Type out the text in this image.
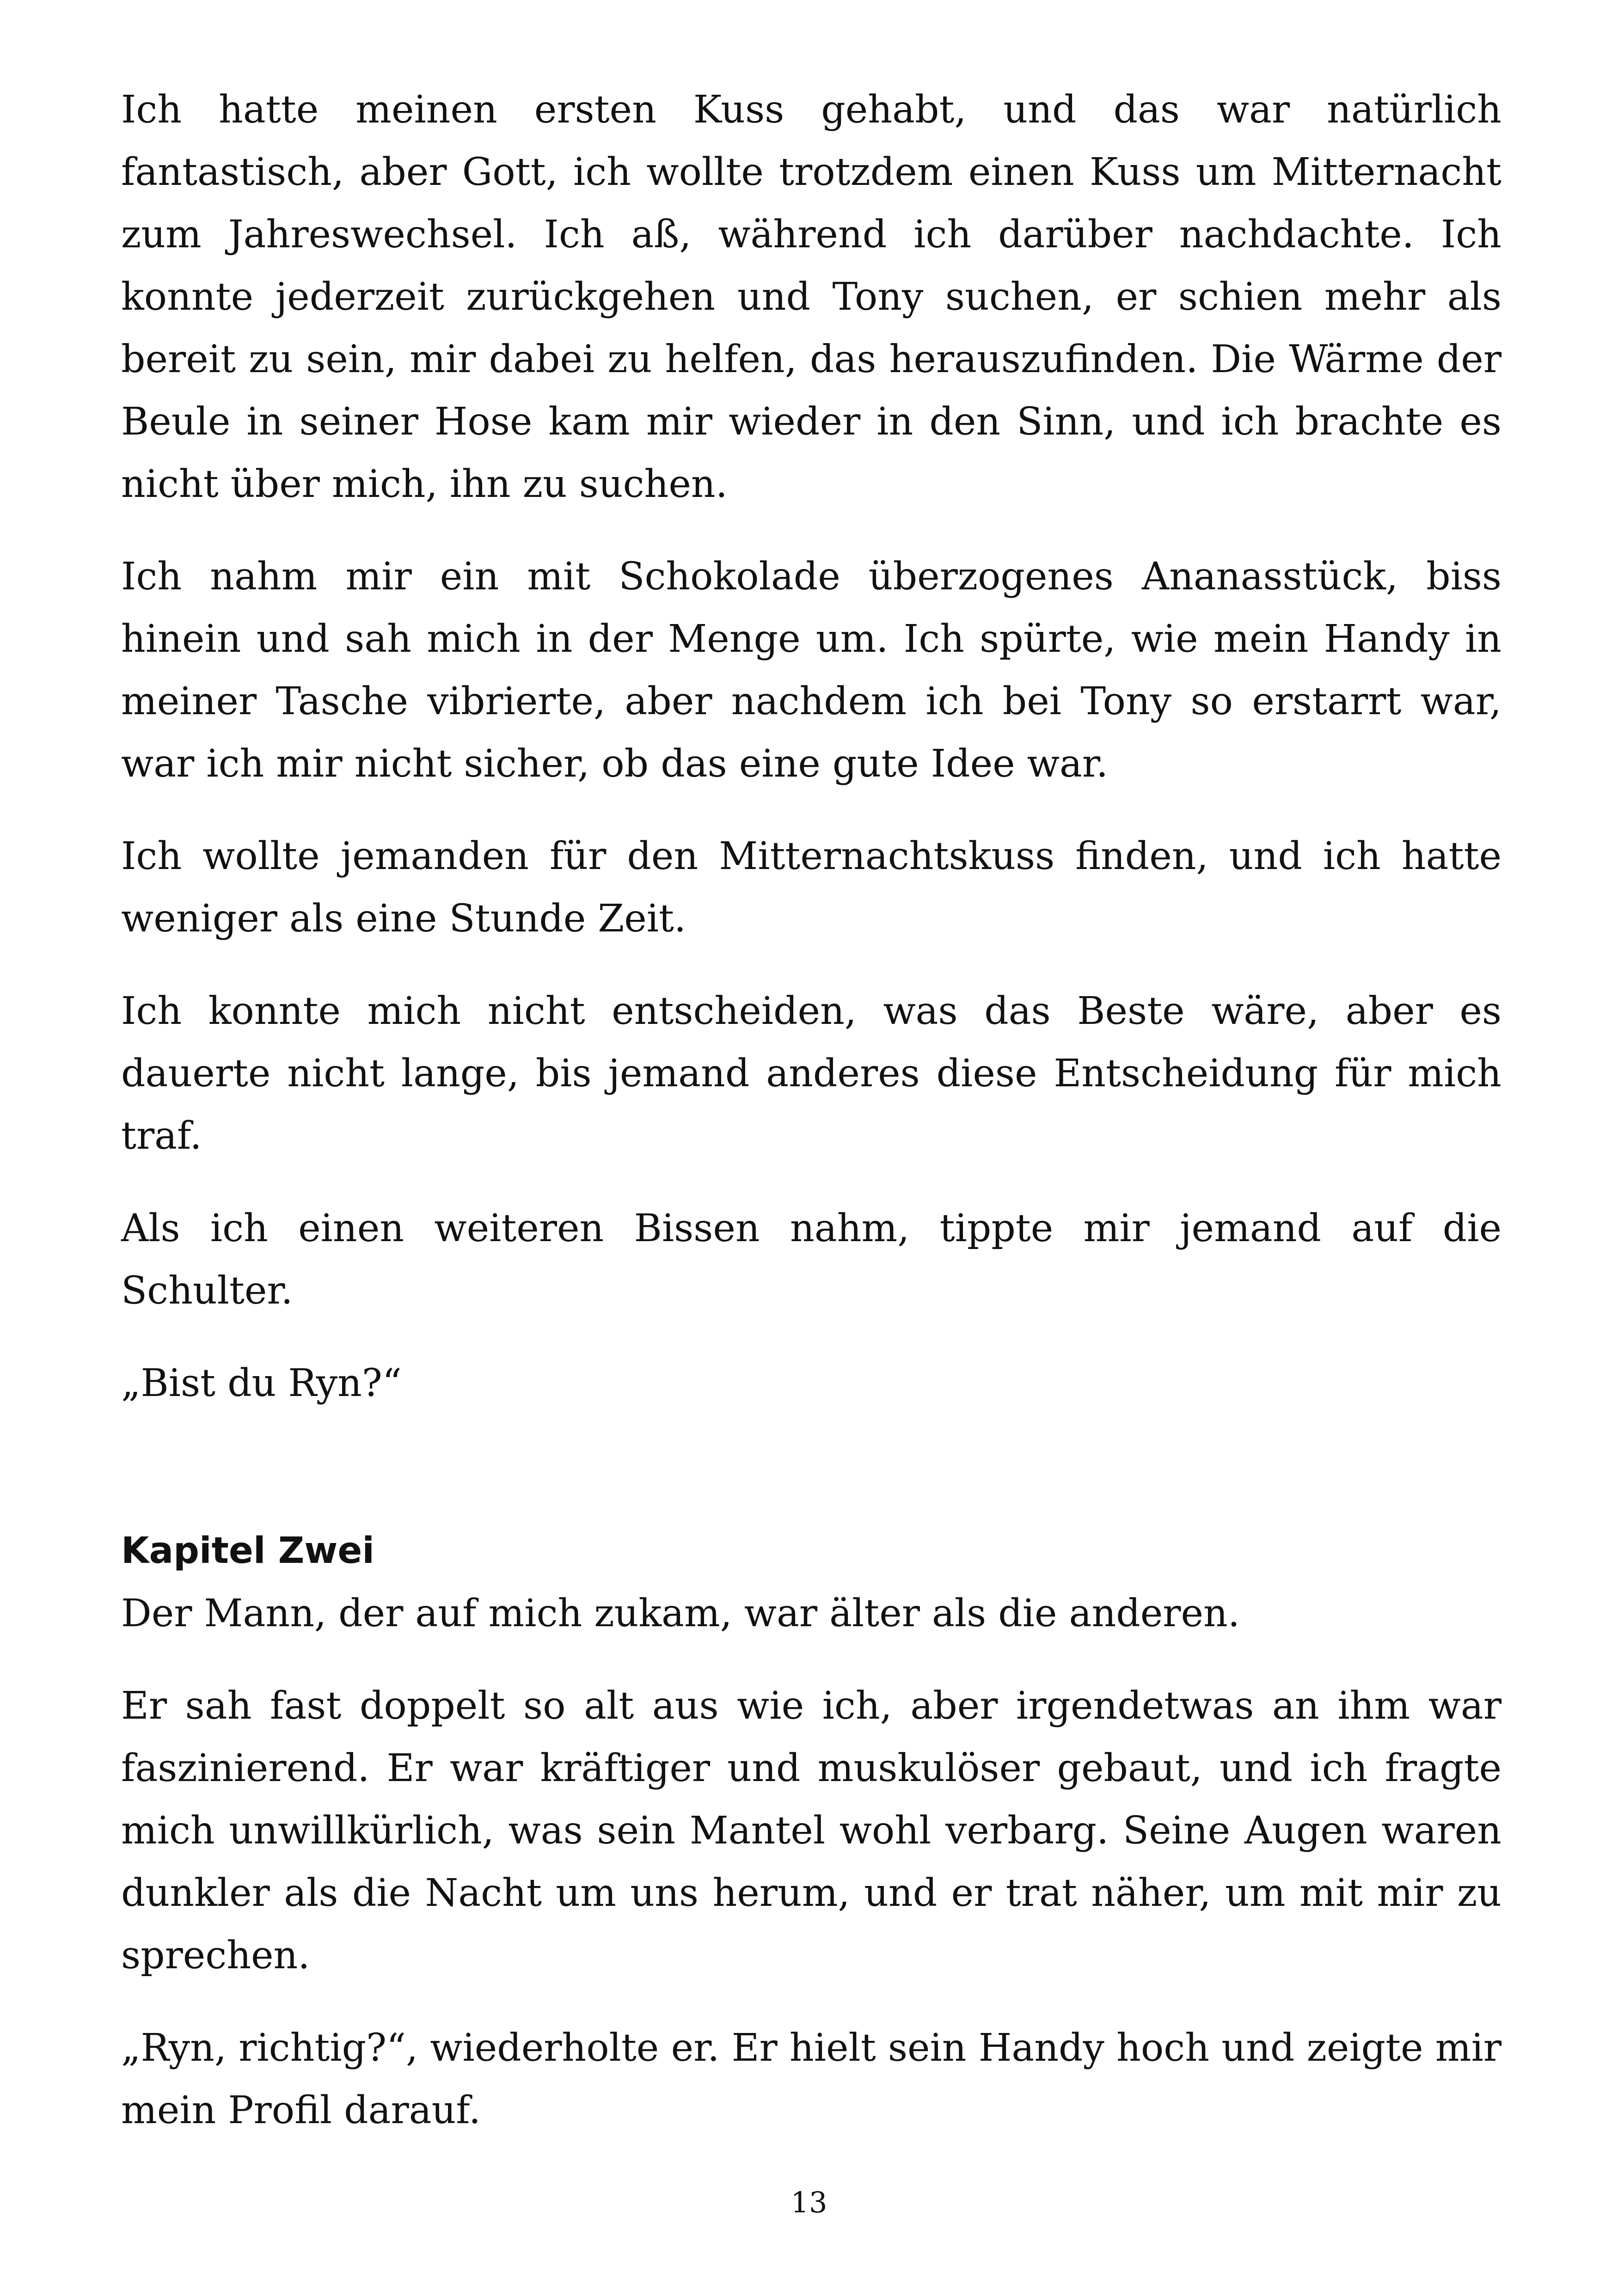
Ich hatte meinen ersten Kuss gehabt, und das war natürlich fantastisch, aber Gott, ich wollte trotzdem einen Kuss um Mitternacht zum Jahreswechsel. Ich aß, während ich darüber nachdachte. Ich konnte jederzeit zurückgehen und Tony suchen, er schien mehr als bereit zu sein, mir dabei zu helfen, das herauszufinden. Die Wärme der Beule in seiner Hose kam mir wieder in den Sinn, und ich brachte es nicht über mich, ihn zu suchen.

Ich nahm mir ein mit Schokolade überzogenes Ananasstück, biss hinein und sah mich in der Menge um. Ich spürte, wie mein Handy in meiner Tasche vibrierte, aber nachdem ich bei Tony so erstarrt war, war ich mir nicht sicher, ob das eine gute Idee war.

Ich wollte jemanden für den Mitternachtskuss finden, und ich hatte weniger als eine Stunde Zeit.

Ich konnte mich nicht entscheiden, was das Beste wäre, aber es dauerte nicht lange, bis jemand anderes diese Entscheidung für mich traf.

Als ich einen weiteren Bissen nahm, tippte mir jemand auf die Schulter.

„Bist du Ryn?“

Kapitel Zwei

Der Mann, der auf mich zukam, war älter als die anderen.

Er sah fast doppelt so alt aus wie ich, aber irgendetwas an ihm war faszinierend. Er war kräftiger und muskulöser gebaut, und ich fragte mich unwillkürlich, was sein Mantel wohl verbarg. Seine Augen waren dunkler als die Nacht um uns herum, und er trat näher, um mit mir zu sprechen.

„Ryn, richtig?“, wiederholte er. Er hielt sein Handy hoch und zeigte mir mein Profil darauf.

13
